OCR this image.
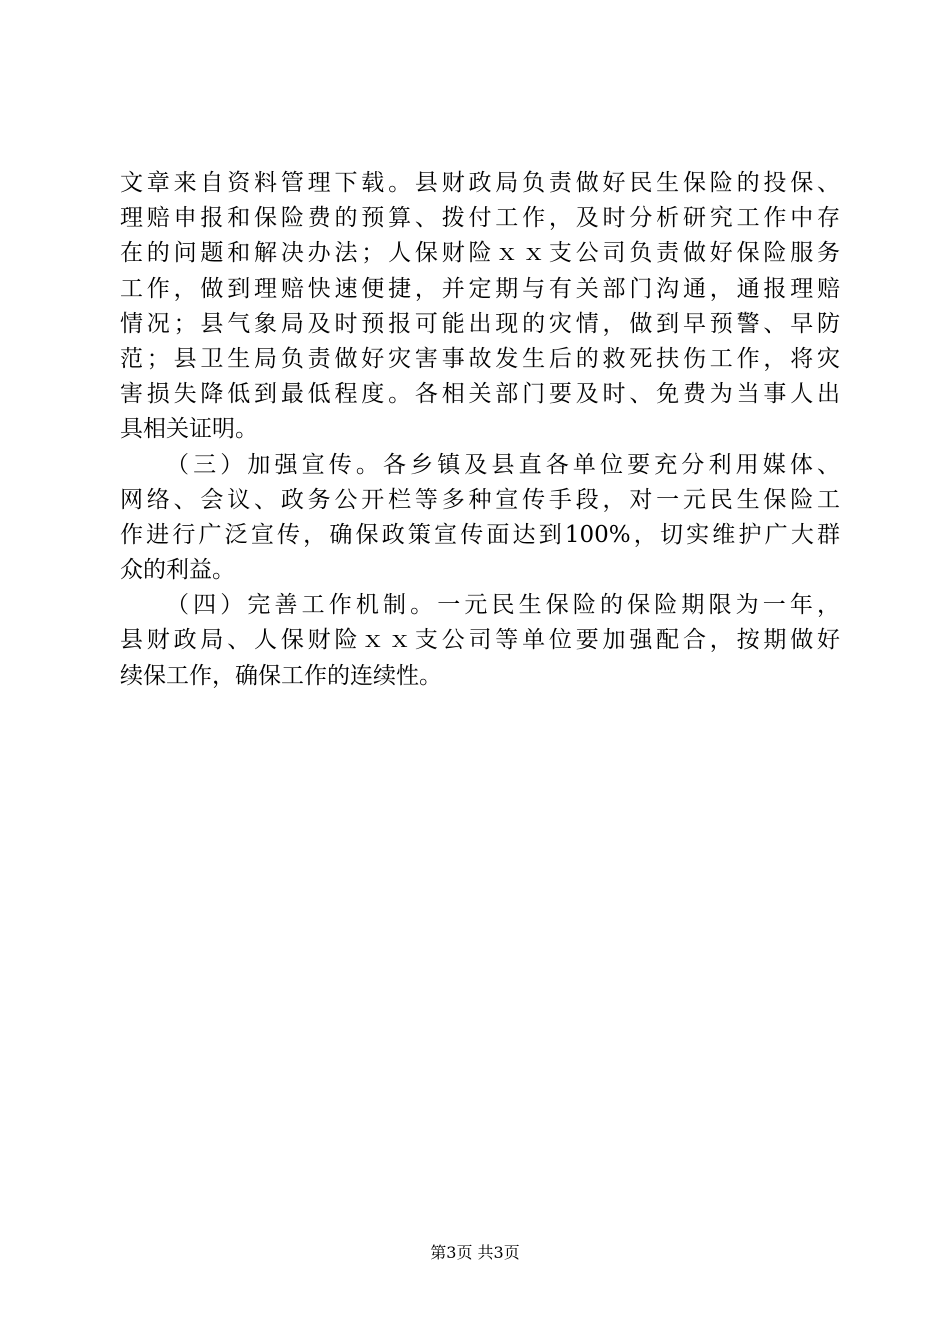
文章来自资料管理下载。县财政局负责做好民生保险的投保、
理赔申报和保险费的预算、拨付工作，及时分析研究工作中存
在的问题和解决办法；人保财险ｘｘ支公司负责做好保险服务
工作，做到理赔快速便捷，并定期与有关部门沟通，通报理赔
情况；县气象局及时预报可能出现的灾情，做到早预警、早防
范；县卫生局负责做好灾害事故发生后的救死扶伤工作，将灾
害损失降低到最低程度。各相关部门要及时、免费为当事人出
具相关证明。
（三）加强宣传。各乡镇及县直各单位要充分利用媒体、
网络、会议、政务公开栏等多种宣传手段，对一元民生保险工
作进行广泛宣传，确保政策宣传面达到100%，切实维护广大群
众的利益。
（四）完善工作机制。一元民生保险的保险期限为一年，
县财政局、人保财险ｘｘ支公司等单位要加强配合，按期做好
续保工作，确保工作的连续性。
第3页 共3页
